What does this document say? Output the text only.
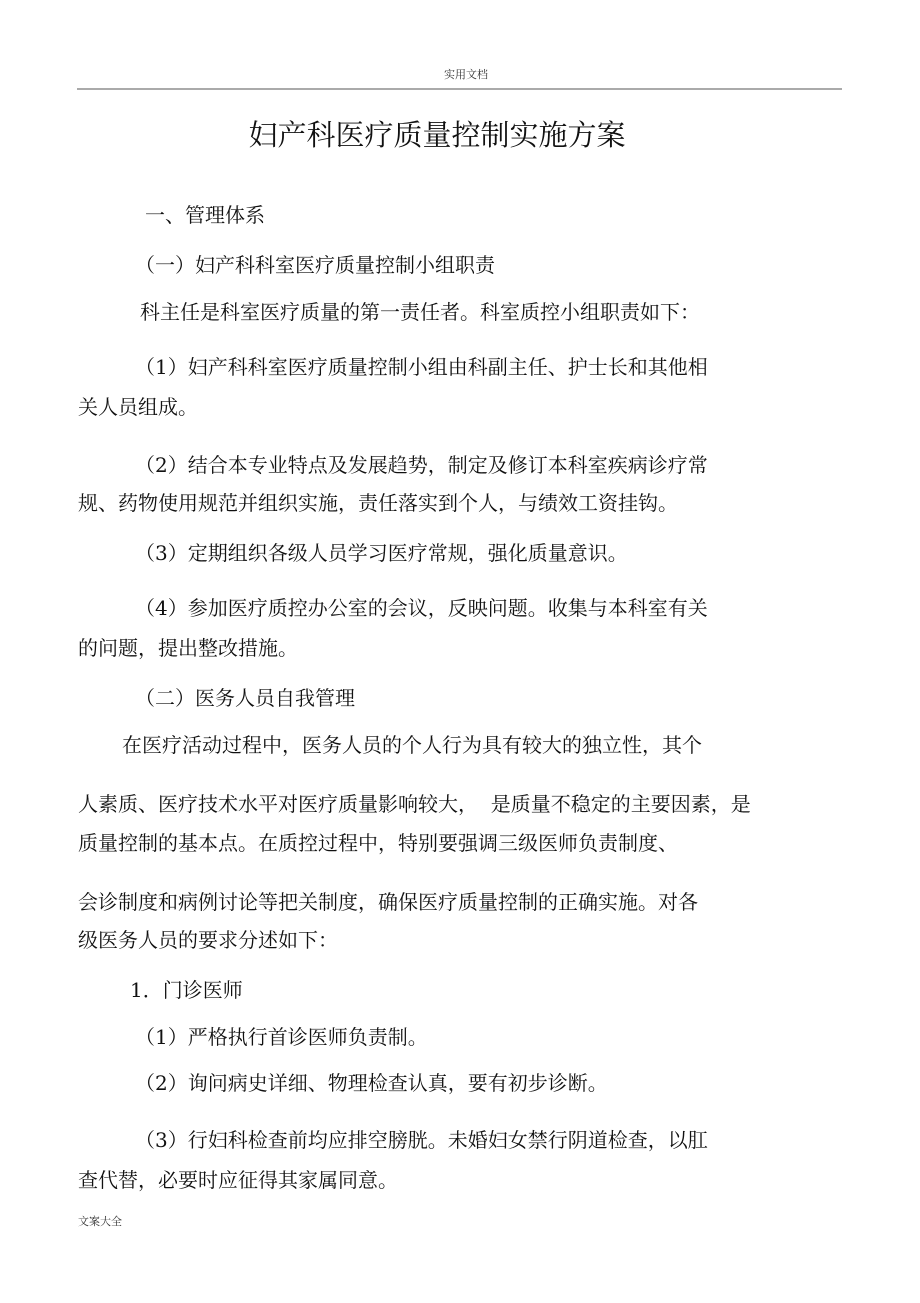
实用文档
妇产科医疗质量控制实施方案
一、管理体系
（一）妇产科科室医疗质量控制小组职责
科主任是科室医疗质量的第一责任者。科室质控小组职责如下：
（1）妇产科科室医疗质量控制小组由科副主任、护士长和其他相
关人员组成。
（2）结合本专业特点及发展趋势，制定及修订本科室疾病诊疗常
规、药物使用规范并组织实施，责任落实到个人，与绩效工资挂钩。
（3）定期组织各级人员学习医疗常规，强化质量意识。
（4）参加医疗质控办公室的会议，反映问题。收集与本科室有关
的问题，提出整改措施。
（二）医务人员自我管理
在医疗活动过程中，医务人员的个人行为具有较大的独立性，其个
人素质、医疗技术水平对医疗质量影响较大，  是质量不稳定的主要因素，是
质量控制的基本点。在质控过程中，特别要强调三级医师负责制度、
会诊制度和病例讨论等把关制度，确保医疗质量控制的正确实施。对各
级医务人员的要求分述如下：
1．门诊医师
（1）严格执行首诊医师负责制。
（2）询问病史详细、物理检查认真，要有初步诊断。
（3）行妇科检查前均应排空膀胱。未婚妇女禁行阴道检查，以肛
查代替，必要时应征得其家属同意。
文案大全
